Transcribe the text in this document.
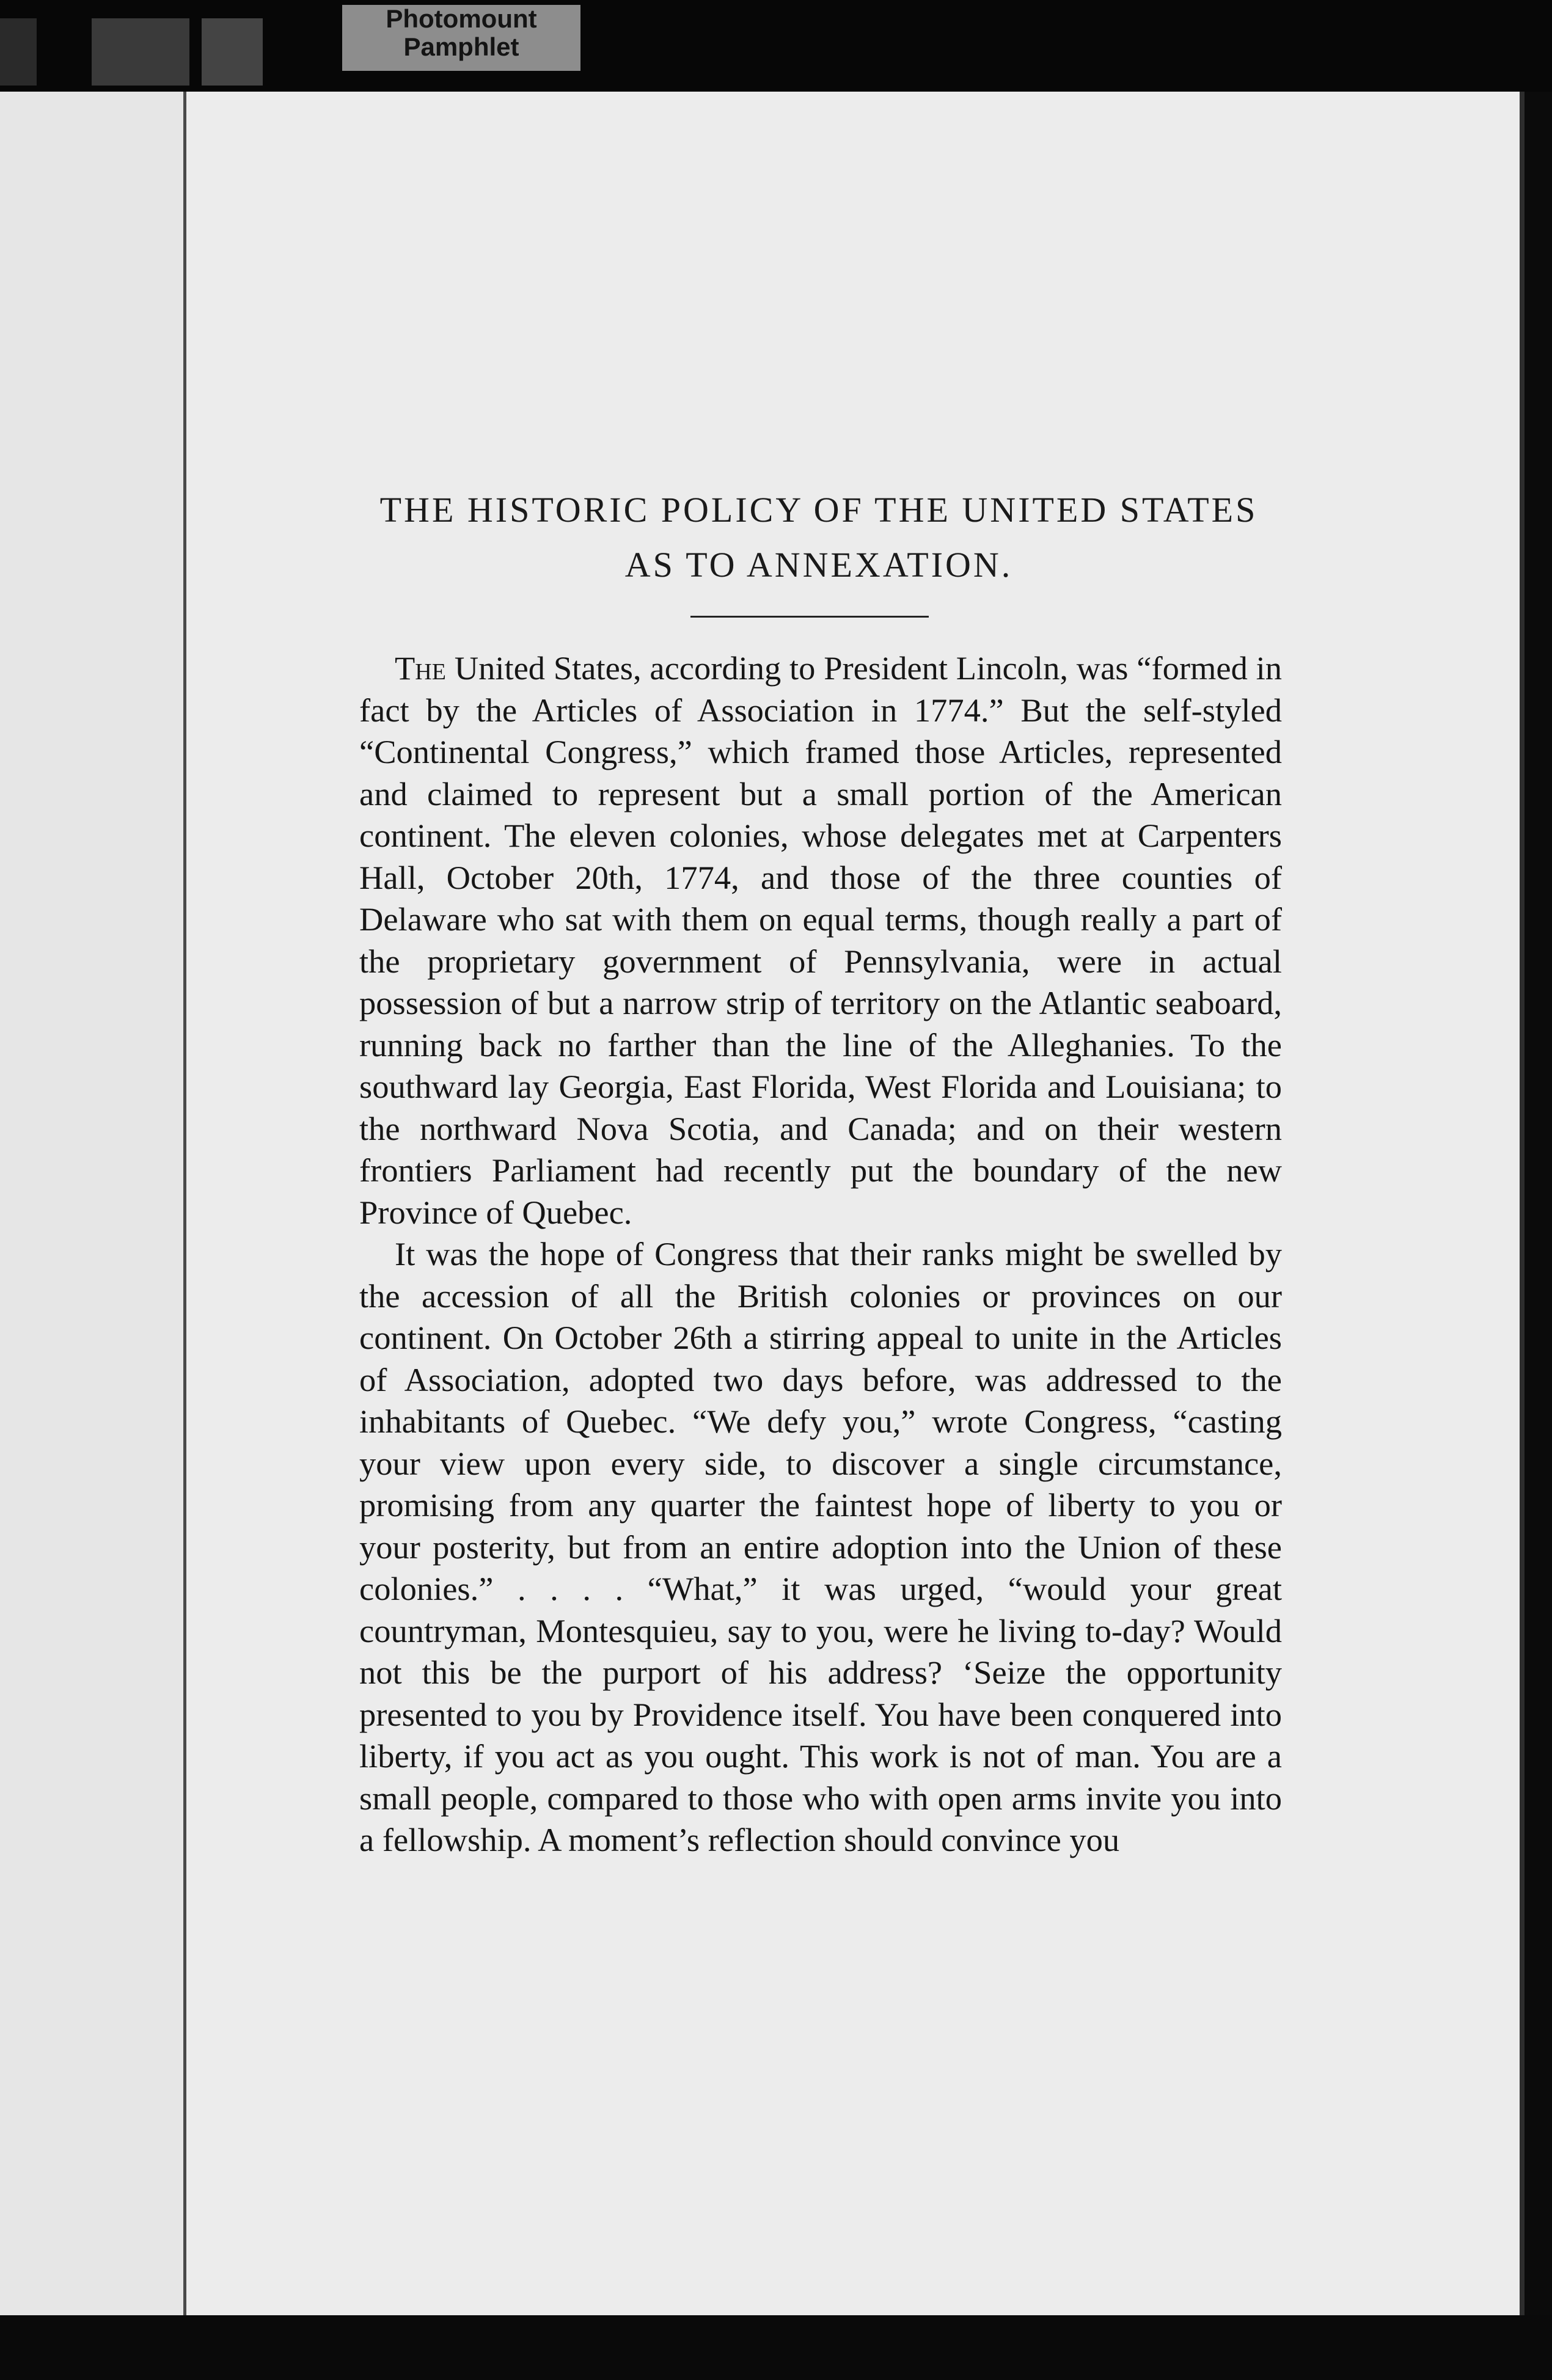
Photomount
Pamphlet
THE HISTORIC POLICY OF THE UNITED STATES
AS TO ANNEXATION.

The United States, according to President Lincoln, was “formed in fact by the Articles of Association in 1774.” But the self-styled “Continental Congress,” which framed those Articles, represented and claimed to represent but a small portion of the American continent. The eleven colonies, whose delegates met at Carpenters Hall, October 20th, 1774, and those of the three counties of Delaware who sat with them on equal terms, though really a part of the proprietary government of Pennsylvania, were in actual possession of but a narrow strip of territory on the Atlantic seaboard, running back no farther than the line of the Alleghanies. To the southward lay Georgia, East Florida, West Florida and Louisiana; to the northward Nova Scotia, and Canada; and on their western frontiers Parliament had recently put the boundary of the new Province of Quebec.

It was the hope of Congress that their ranks might be swelled by the accession of all the British colonies or provinces on our continent. On October 26th a stirring appeal to unite in the Articles of Association, adopted two days before, was addressed to the inhabitants of Quebec. “We defy you,” wrote Congress, “casting your view upon every side, to discover a single circumstance, promising from any quarter the faintest hope of liberty to you or your posterity, but from an entire adoption into the Union of these colonies.” . . . . “What,” it was urged, “would your great countryman, Montesquieu, say to you, were he living to-day? Would not this be the purport of his address? ‘Seize the opportunity presented to you by Providence itself. You have been conquered into liberty, if you act as you ought. This work is not of man. You are a small people, compared to those who with open arms invite you into a fellowship. A moment’s reflection should convince you
